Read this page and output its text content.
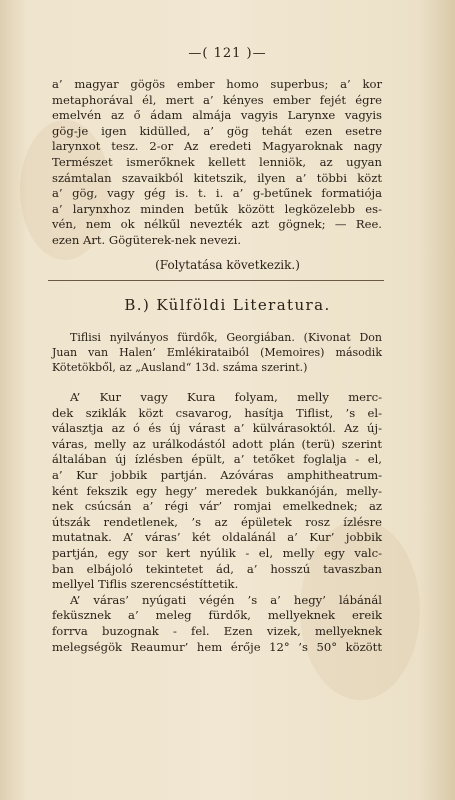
—( 121 )—

a’ magyar gögös ember homo superbus; a’ kor

metaphorával él, mert a’ kényes ember fejét égre

emelvén az ő ádam almája vagyis Larynxe vagyis

gög-je igen kidülled, a’ gög tehát ezen esetre

larynxot tesz. 2-or Az eredeti Magyaroknak nagy

Természet ismerőknek kellett lenniök, az ugyan

számtalan szavaikból kitetszik, ilyen a’ többi közt

a’ gög, vagy gég is. t. i. a’ g-betűnek formatiója

a’ larynxhoz minden betűk között legközelebb es-

vén, nem ok nélkűl nevezték azt gögnek; — Ree.

ezen Art. Gögüterek-nek nevezi.

(Folytatása következik.)
B.) Külföldi Literatura.

Tiflisi nyilványos fürdők, Georgiában. (Kivonat Don

Juan van Halen’ Emlékirataiból (Memoires) második

Kötetökből, az „Ausland“ 13d. száma szerint.)

A’ Kur vagy Kura folyam, melly merc-

dek sziklák közt csavarog, hasítja Tiflist, ’s el-

választja az ó és új várast a’ külvárasoktól. Az új-

váras, melly az urálkodástól adott plán (terü) szerint

általában új ízlésben épült, a’ tetőket foglalja - el,

a’ Kur jobbik partján. Azóváras amphitheatrum-

ként fekszik egy hegy’ meredek bukkanóján, melly-

nek csúcsán a’ régi vár’ romjai emelkednek; az

útszák rendetlenek, ’s az épületek rosz ízlésre

mutatnak. A’ váras’ két oldalánál a’ Kur’ jobbik

partján, egy sor kert nyúlik - el, melly egy valc-

ban elbájoló tekintetet ád, a’ hosszú tavaszban

mellyel Tiflis szerencséstíttetik.

A’ váras’ nyúgati végén ’s a’ hegy’ lábánál

feküsznek a’ meleg fürdők, mellyeknek ereik

forrva buzognak - fel. Ezen vizek, mellyeknek

melegségök Reaumur’ hem érője 12° ’s 50° között
